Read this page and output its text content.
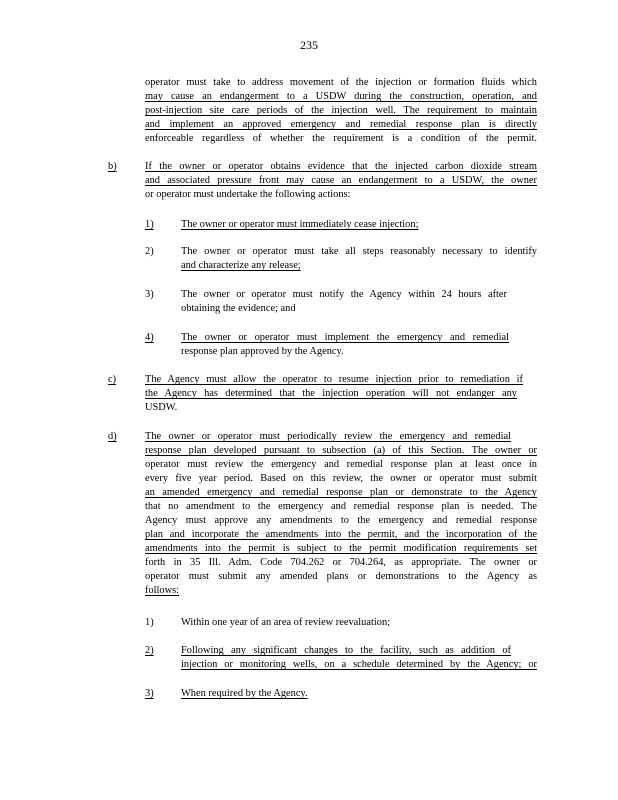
235
operator must take to address movement of the injection or formation fluids which
may cause an endangerment to a USDW during the construction, operation, and
post-injection site care periods of the injection well. The requirement to maintain
and implement an approved emergency and remedial response plan is directly
enforceable regardless of whether the requirement is a condition of the permit.
b)	If the owner or operator obtains evidence that the injected carbon dioxide stream
and associated pressure front may cause an endangerment to a USDW, the owner
or operator must undertake the following actions:
1)	The owner or operator must immediately cease injection;
2)	The owner or operator must take all steps reasonably necessary to identify
and characterize any release;
3)	The owner or operator must notify the Agency within 24 hours after
obtaining the evidence; and
4)	The owner or operator must implement the emergency and remedial
response plan approved by the Agency.
c)	The Agency must allow the operator to resume injection prior to remediation if
the Agency has determined that the injection operation will not endanger any
USDW.
d)	The owner or operator must periodically review the emergency and remedial
response plan developed pursuant to subsection (a) of this Section. The owner or
operator must review the emergency and remedial response plan at least once in
every five year period. Based on this review, the owner or operator must submit
an amended emergency and remedial response plan or demonstrate to the Agency
that no amendment to the emergency and remedial response plan is needed. The
Agency must approve any amendments to the emergency and remedial response
plan and incorporate the amendments into the permit, and the incorporation of the
amendments into the permit is subject to the permit modification requirements set
forth in 35 Ill. Adm. Code 704.262 or 704.264, as appropriate. The owner or
operator must submit any amended plans or demonstrations to the Agency as
follows:
1)	Within one year of an area of review reevaluation;
2)	Following any significant changes to the facility, such as addition of
injection or monitoring wells, on a schedule determined by the Agency; or
3)	When required by the Agency.
